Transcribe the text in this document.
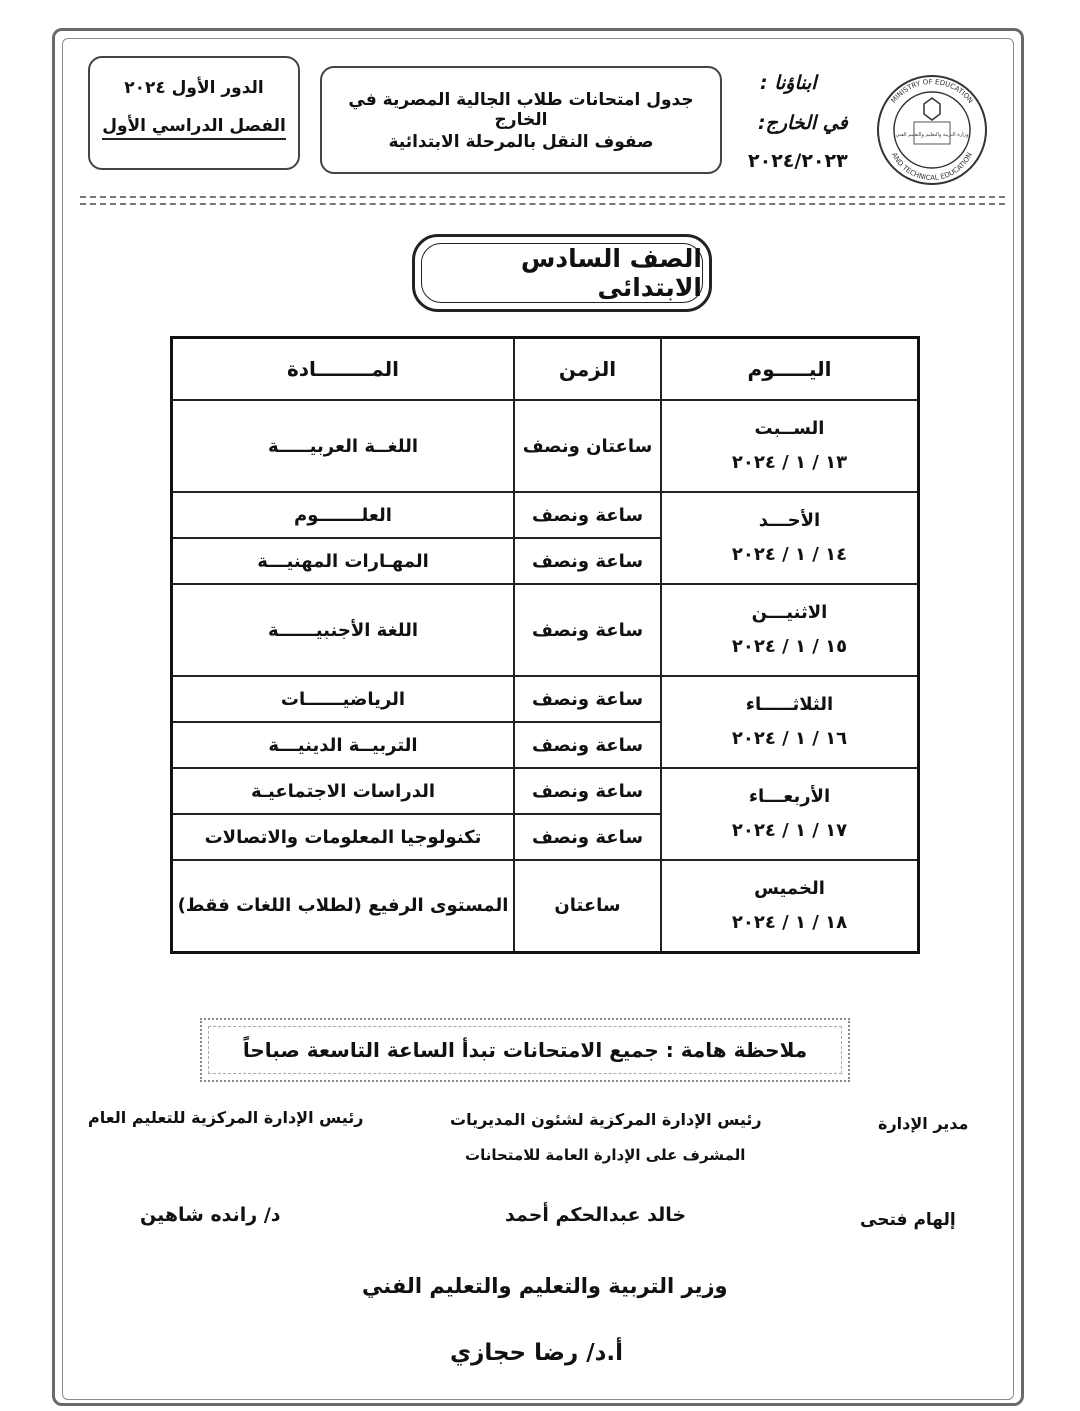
MINISTRY OF EDUCATION
AND TECHNICAL EDUCATION
وزارة التربية والتعليم والتعليم الفني
ابناؤنا :
في الخارج:
٢٠٢٤/٢٠٢٣
جدول امتحانات طلاب الجالية المصرية في الخارج
صفوف النقل بالمرحلة الابتدائية
الدور الأول ٢٠٢٤
الفصل الدراسي الأول
الصف السادس الابتدائى
اليـــــوم	الزمن	المــــــــادة
الســبت
١٣ / ١ / ٢٠٢٤	ساعتان ونصف	اللغــة العربيـــــة
الأحـــد
١٤ / ١ / ٢٠٢٤	ساعة ونصف	العلـــــــوم
	ساعة ونصف	المهـارات المهنيـــة
الاثنيـــن
١٥ / ١ / ٢٠٢٤	ساعة ونصف	اللغة الأجنبيــــــة
الثلاثـــــاء
١٦ / ١ / ٢٠٢٤	ساعة ونصف	الرياضيــــــات
	ساعة ونصف	التربيــة الدينيـــة
الأربعـــاء
١٧ / ١ / ٢٠٢٤	ساعة ونصف	الدراسات الاجتماعيـة
	ساعة ونصف	تكنولوجيا المعلومات والاتصالات
الخميس
١٨ / ١ / ٢٠٢٤	ساعتان	المستوى الرفيع (لطلاب اللغات فقط)
ملاحظة هامة : جميع الامتحانات تبدأ الساعة التاسعة صباحاً
مدير الإدارة
إلهام فتحى
رئيس الإدارة المركزية لشئون المديريات
المشرف على الإدارة العامة للامتحانات
خالد عبدالحكم أحمد
رئيس الإدارة المركزية للتعليم العام
د/ رانده شاهين
وزير التربية والتعليم والتعليم الفني
أ.د/ رضا حجازي
